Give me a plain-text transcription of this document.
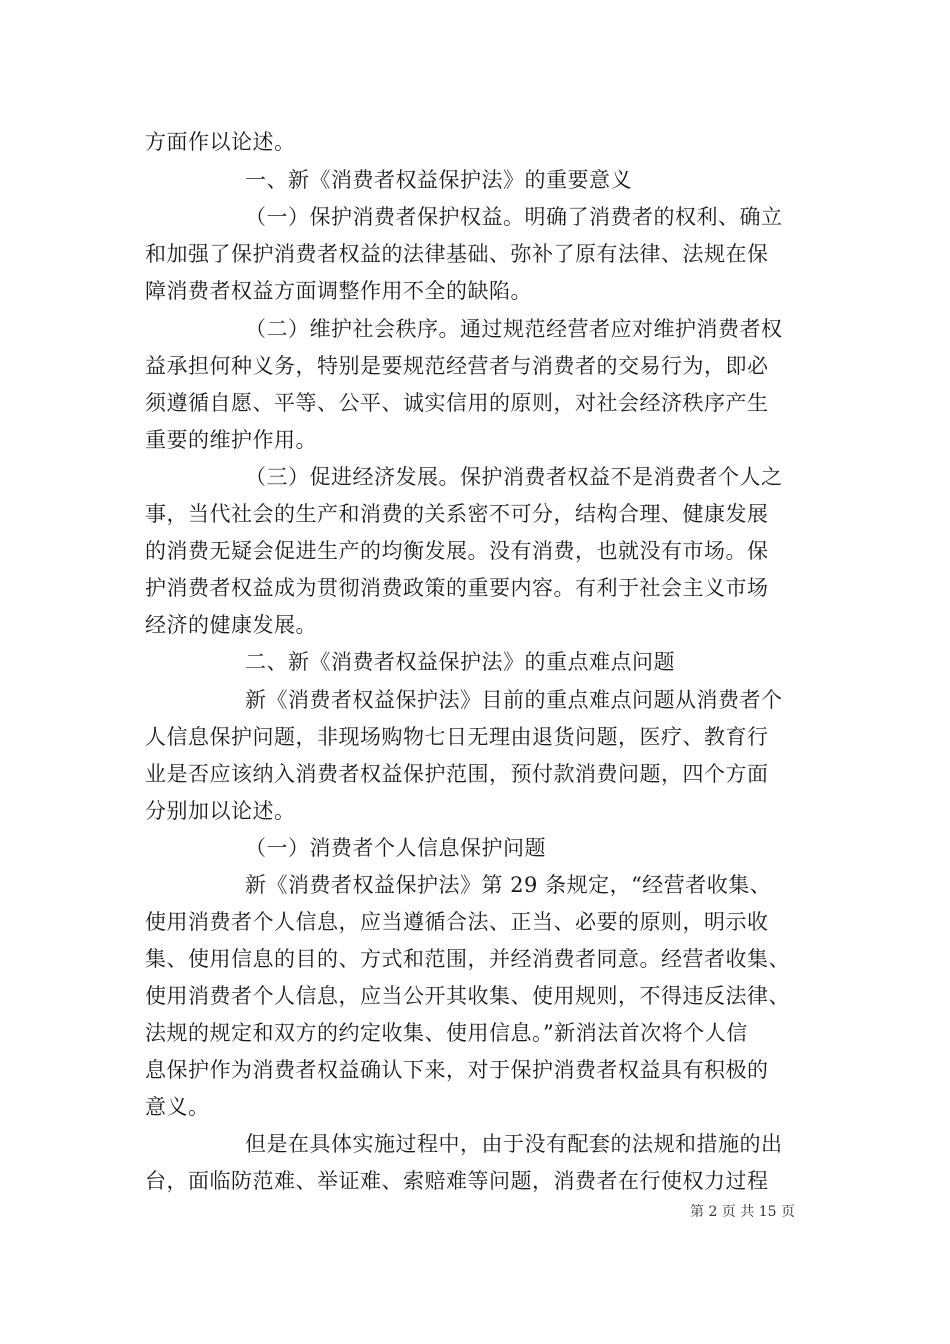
方面作以论述。
一、新《消费者权益保护法》的重要意义
（一）保护消费者保护权益。明确了消费者的权利、确立
和加强了保护消费者权益的法律基础、弥补了原有法律、法规在保
障消费者权益方面调整作用不全的缺陷。
（二）维护社会秩序。通过规范经营者应对维护消费者权
益承担何种义务，特别是要规范经营者与消费者的交易行为，即必
须遵循自愿、平等、公平、诚实信用的原则，对社会经济秩序产生
重要的维护作用。
（三）促进经济发展。保护消费者权益不是消费者个人之
事，当代社会的生产和消费的关系密不可分，结构合理、健康发展
的消费无疑会促进生产的均衡发展。没有消费，也就没有市场。保
护消费者权益成为贯彻消费政策的重要内容。有利于社会主义市场
经济的健康发展。
二、新《消费者权益保护法》的重点难点问题
新《消费者权益保护法》目前的重点难点问题从消费者个
人信息保护问题，非现场购物七日无理由退货问题，医疗、教育行
业是否应该纳入消费者权益保护范围，预付款消费问题，四个方面
分别加以论述。
（一）消费者个人信息保护问题
新《消费者权益保护法》第 29 条规定，“经营者收集、
使用消费者个人信息，应当遵循合法、正当、必要的原则，明示收
集、使用信息的目的、方式和范围，并经消费者同意。经营者收集、
使用消费者个人信息，应当公开其收集、使用规则，不得违反法律、
法规的规定和双方的约定收集、使用信息。”新消法首次将个人信
息保护作为消费者权益确认下来，对于保护消费者权益具有积极的
意义。
但是在具体实施过程中，由于没有配套的法规和措施的出
台，面临防范难、举证难、索赔难等问题，消费者在行使权力过程
第 2 页 共 15 页
